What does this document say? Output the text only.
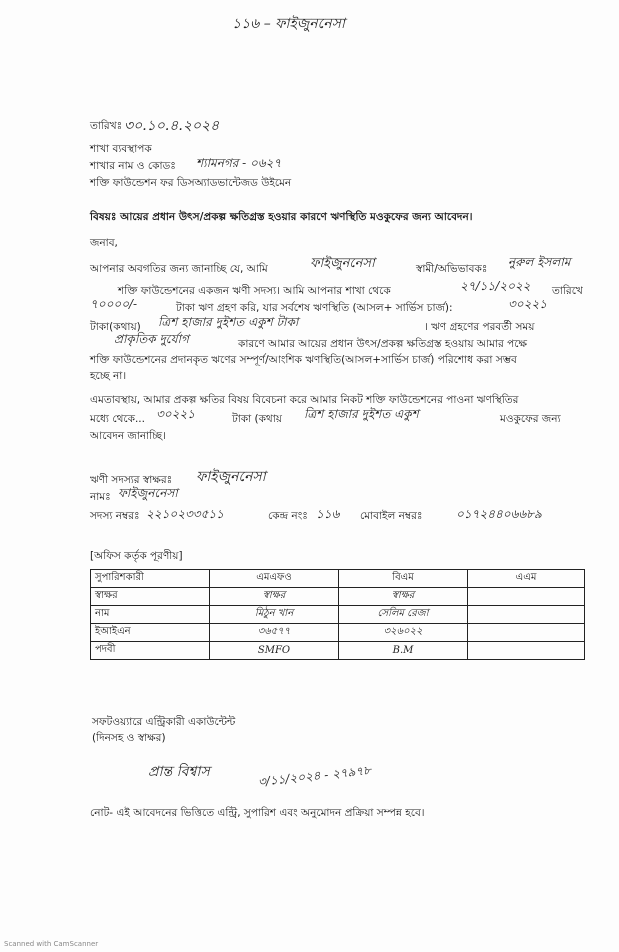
১১৬ – ফাইজুননেসা
তারিখঃ ৩০.১০.৪.২০২৪
শাখা ব্যবস্থাপক
শাখার নাম ও কোডঃ শ্যামনগর - ০৬২৭
শক্তি ফাউন্ডেশন ফর ডিসঅ্যাডভান্টেজড উইমেন
বিষয়ঃ আয়ের প্রধান উৎস/প্রকল্প ক্ষতিগ্রস্ত হওয়ার কারণে ঋণস্থিতি মওকুফের জন্য আবেদন।
জনাব,
আপনার অবগতির জন্য জানাচ্ছি যে, আমি	ফাইজুননেসা	স্বামী/অভিভাবকঃ নুরুল ইসলাম
শক্তি ফাউন্ডেশনের একজন ঋণী সদস্য। আমি আপনার শাখা থেকে	২৭/১১/২০২২ তারিখে
৭০০০০/-	টাকা ঋণ গ্রহণ করি, যার সর্বশেষ ঋণস্থিতি (আসল+ সার্ভিস চার্জ):	৩০২২১
টাকা(কথায়) ত্রিশ হাজার দুইশত একুশ টাকা	। ঋণ গ্রহণের পরবর্তী সময়
প্রাকৃতিক দুর্যোগ	কারণে আমার আয়ের প্রধান উৎস/প্রকল্প ক্ষতিগ্রস্ত হওয়ায় আমার পক্ষে
শক্তি ফাউন্ডেশনের প্রদানকৃত ঋণের সম্পূর্ণ/আংশিক ঋণস্থিতি(আসল+সার্ভিস চার্জ) পরিশোধ করা সম্ভব
হচ্ছে না।
এমতাবস্থায়, আমার প্রকল্প ক্ষতির বিষয় বিবেচনা করে আমার নিকট শক্তি ফাউন্ডেশনের পাওনা ঋণস্থিতির
মধ্যে থেকে... ৩০২২১	টাকা (কথায় ত্রিশ হাজার দুইশত একুশ	মওকুফের জন্য
আবেদন জানাচ্ছি।
ঋণী সদস্যর স্বাক্ষরঃ ফাইজুননেসা
নামঃ ফাইজুননেসা
সদস্য নম্বরঃ ২২১০২৩৩৫১১	কেন্দ্র নংঃ ১১৬ মোবাইল নম্বরঃ	০১৭২৪৪০৬৬৮৯
[অফিস কর্তৃক পূরণীয়]
সুপারিশকারী	এমএফও	বিএম	এএম
স্বাক্ষর	স্বাক্ষর	স্বাক্ষর	
নাম	মিঠুন খান	সেলিম রেজা	
ইআইএন	৩৬৫৭৭	৩২৬০২২	
পদবী	SMFO	B.M	
সফটওয়্যারে এন্ট্রিকারী একাউন্টেন্ট
(দিনসহ ও স্বাক্ষর)
প্রান্ত বিশ্বাস	৩/১১/২০২৪ - ২৭৯৭৮
নোট- এই আবেদনের ভিত্তিতে এন্ট্রি, সুপারিশ এবং অনুমোদন প্রক্রিয়া সম্পন্ন হবে।
Scanned with CamScanner
